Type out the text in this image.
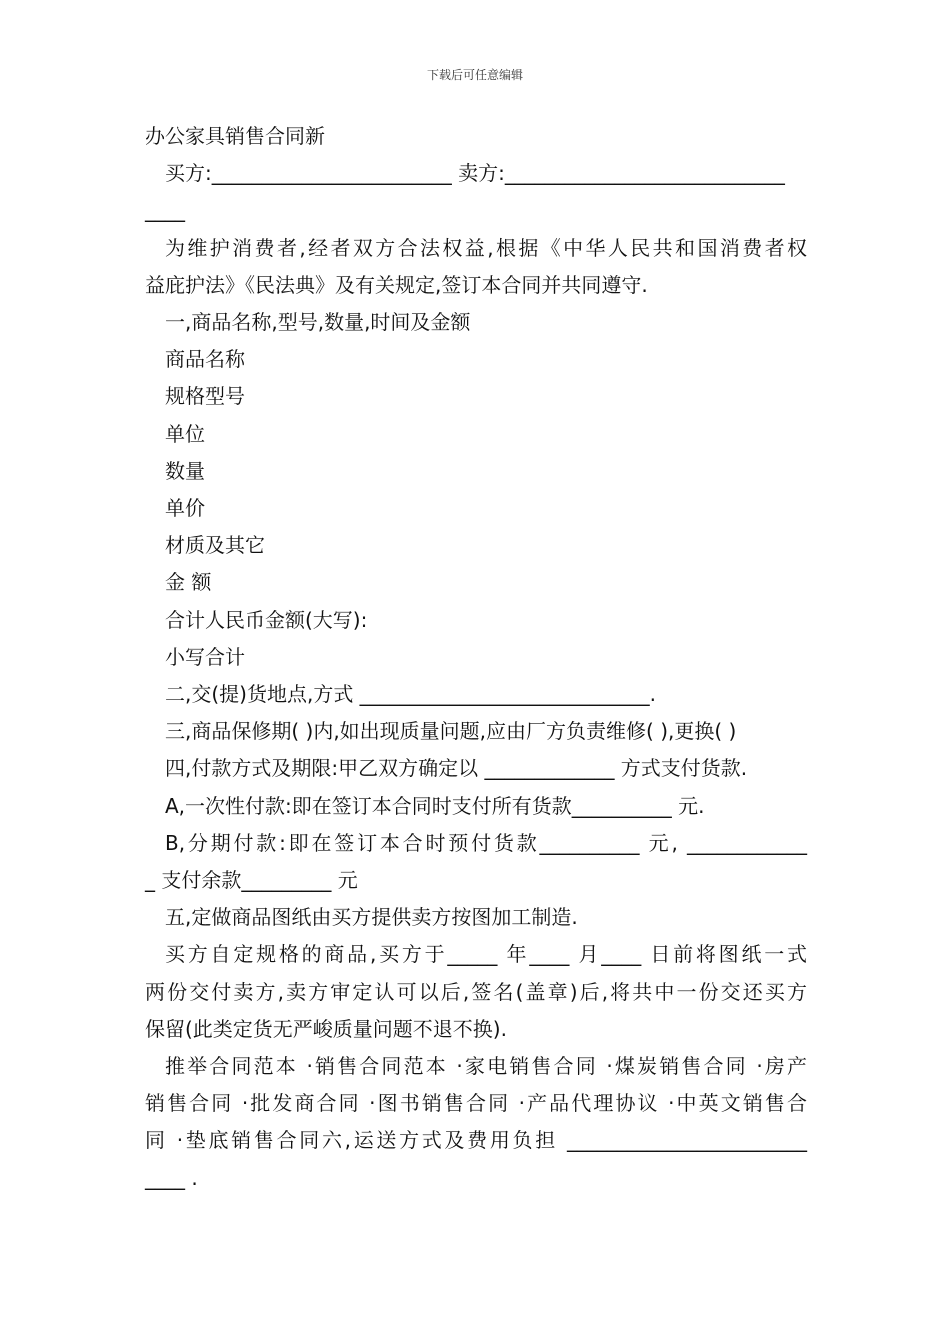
下载后可任意编辑

办公家具销售合同新

买方:________________________ 卖方:____________________________

____

为维护消费者,经者双方合法权益,根据《中华人民共和国消费者权

益庇护法》《民法典》及有关规定,签订本合同并共同遵守.

一,商品名称,型号,数量,时间及金额

商品名称

规格型号

单位

数量

单价

材质及其它

金 额

合计人民币金额(大写):

小写合计

二,交(提)货地点,方式 _____________________________.

三,商品保修期( )内,如出现质量问题,应由厂方负责维修( ),更换( )

四,付款方式及期限:甲乙双方确定以 _____________ 方式支付货款.

A,一次性付款:即在签订本合同时支付所有货款__________ 元.

B,分期付款:即在签订本合时预付货款__________ 元, ____________

_ 支付余款_________ 元

五,定做商品图纸由买方提供卖方按图加工制造.

买方自定规格的商品,买方于_____ 年____ 月____ 日前将图纸一式

两份交付卖方,卖方审定认可以后,签名(盖章)后,将共中一份交还买方

保留(此类定货无严峻质量问题不退不换).

推举合同范本 ·销售合同范本 ·家电销售合同 ·煤炭销售合同 ·房产

销售合同 ·批发商合同 ·图书销售合同 ·产品代理协议 ·中英文销售合

同 ·垫底销售合同六,运送方式及费用负担 ________________________

____ .
